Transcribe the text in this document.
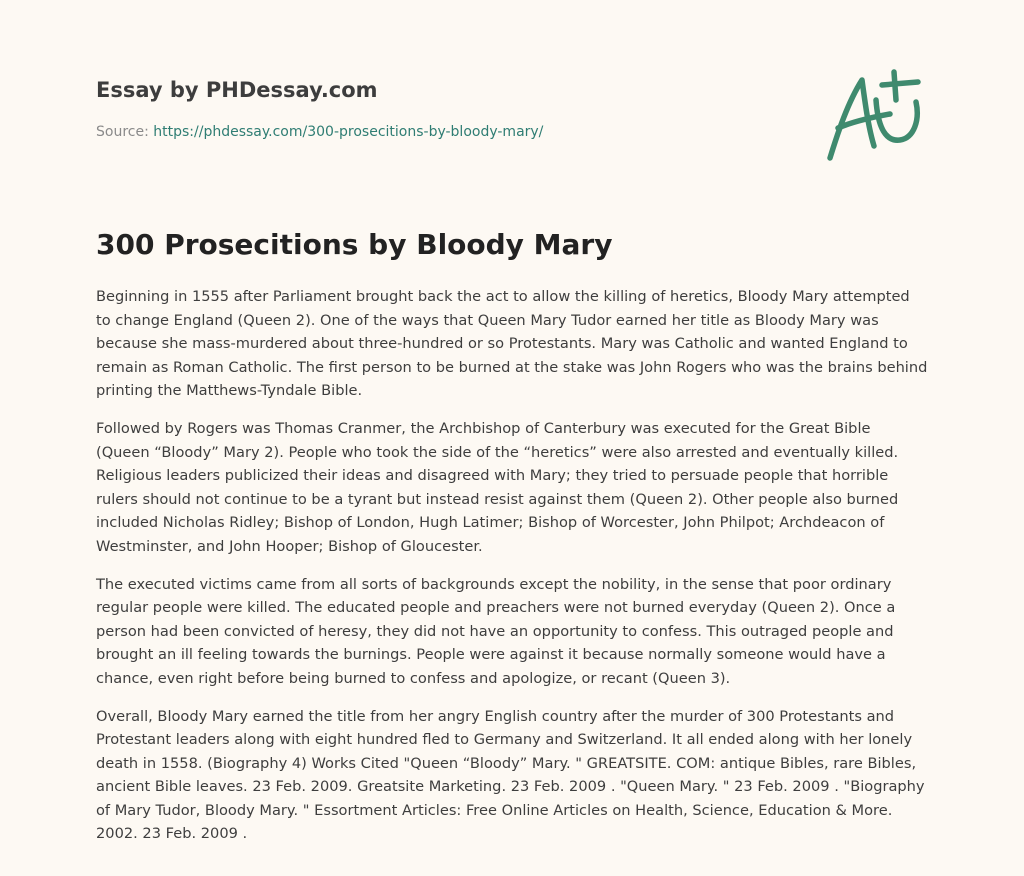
Essay by PHDessay.com
Source: https://phdessay.com/300-prosecitions-by-bloody-mary/
300 Prosecitions by Bloody Mary

Beginning in 1555 after Parliament brought back the act to allow the killing of heretics, Bloody Mary attempted to change England (Queen 2). One of the ways that Queen Mary Tudor earned her title as Bloody Mary was because she mass-murdered about three-hundred or so Protestants. Mary was Catholic and wanted England to remain as Roman Catholic. The first person to be burned at the stake was John Rogers who was the brains behind printing the Matthews-Tyndale Bible.

Followed by Rogers was Thomas Cranmer, the Archbishop of Canterbury was executed for the Great Bible (Queen “Bloody” Mary 2). People who took the side of the “heretics” were also arrested and eventually killed. Religious leaders publicized their ideas and disagreed with Mary; they tried to persuade people that horrible rulers should not continue to be a tyrant but instead resist against them (Queen 2). Other people also burned included Nicholas Ridley; Bishop of London, Hugh Latimer; Bishop of Worcester, John Philpot; Archdeacon of Westminster, and John Hooper; Bishop of Gloucester.

The executed victims came from all sorts of backgrounds except the nobility, in the sense that poor ordinary regular people were killed. The educated people and preachers were not burned everyday (Queen 2). Once a person had been convicted of heresy, they did not have an opportunity to confess. This outraged people and brought an ill feeling towards the burnings. People were against it because normally someone would have a chance, even right before being burned to confess and apologize, or recant (Queen 3).

Overall, Bloody Mary earned the title from her angry English country after the murder of 300 Protestants and Protestant leaders along with eight hundred fled to Germany and Switzerland. It all ended along with her lonely death in 1558. (Biography 4) Works Cited "Queen “Bloody” Mary. " GREATSITE. COM: antique Bibles, rare Bibles, ancient Bible leaves. 23 Feb. 2009. Greatsite Marketing. 23 Feb. 2009 . "Queen Mary. " 23 Feb. 2009 . "Biography of Mary Tudor, Bloody Mary. " Essortment Articles: Free Online Articles on Health, Science, Education & More. 2002. 23 Feb. 2009 .
